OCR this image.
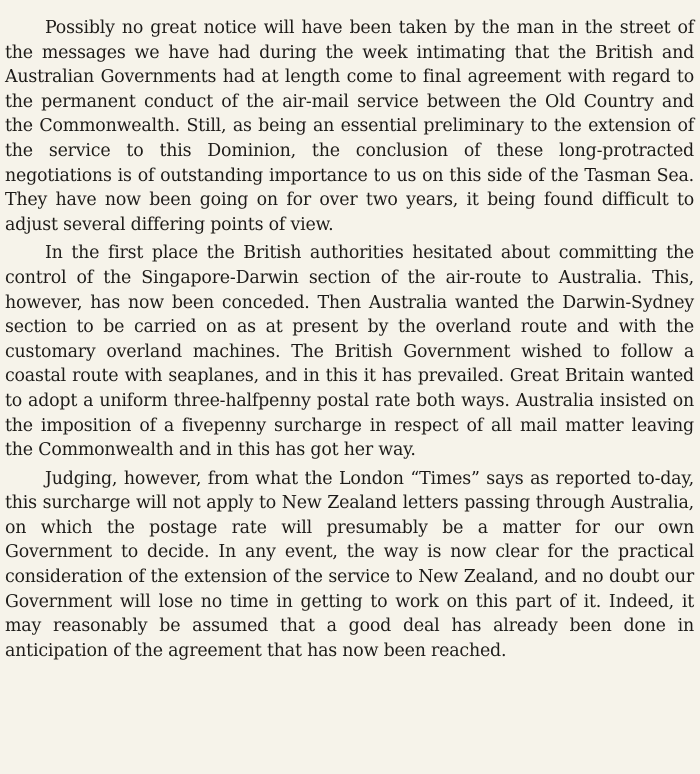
Possibly no great notice will have been taken by the man in the street of the messages we have had during the week intimating that the British and Australian Governments had at length come to final agreement with regard to the permanent conduct of the air-mail service between the Old Country and the Commonwealth. Still, as being an essential preliminary to the extension of the service to this Dominion, the conclusion of these long-protracted negotiations is of outstanding importance to us on this side of the Tasman Sea. They have now been going on for over two years, it being found difficult to adjust several differing points of view.

In the first place the British authorities hesitated about committing the control of the Singapore-Darwin section of the air-route to Australia. This, however, has now been conceded. Then Australia wanted the Darwin-Sydney section to be carried on as at present by the overland route and with the customary overland machines. The British Government wished to follow a coastal route with seaplanes, and in this it has prevailed. Great Britain wanted to adopt a uniform three-halfpenny postal rate both ways. Australia insisted on the imposition of a fivepenny surcharge in respect of all mail matter leaving the Commonwealth and in this has got her way.

Judging, however, from what the London “Times” says as reported to-day, this surcharge will not apply to New Zealand letters passing through Australia, on which the postage rate will presumably be a matter for our own Government to decide. In any event, the way is now clear for the practical consideration of the extension of the service to New Zealand, and no doubt our Government will lose no time in getting to work on this part of it. Indeed, it may reasonably be assumed that a good deal has already been done in anticipation of the agreement that has now been reached.
